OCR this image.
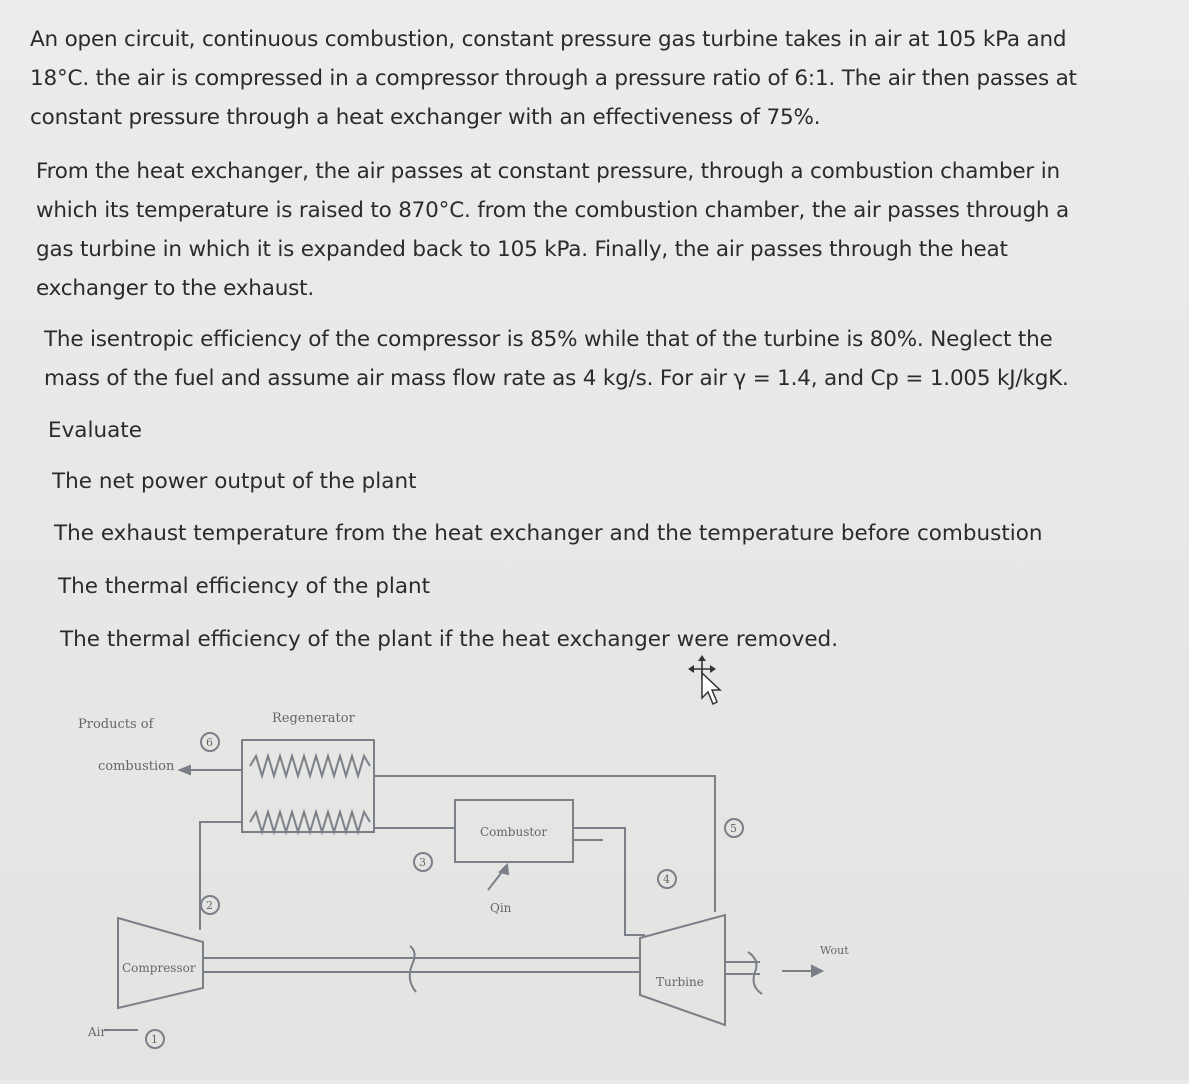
An open circuit, continuous combustion, constant pressure gas turbine takes in air at 105 kPa and
18°C. the air is compressed in a compressor through a pressure ratio of 6:1. The air then passes at
constant pressure through a heat exchanger with an effectiveness of 75%.
From the heat exchanger, the air passes at constant pressure, through a combustion chamber in
which its temperature is raised to 870°C. from the combustion chamber, the air passes through a
gas turbine in which it is expanded back to 105 kPa. Finally, the air passes through the heat
exchanger to the exhaust.
The isentropic efficiency of the compressor is 85% while that of the turbine is 80%. Neglect the
mass of the fuel and assume air mass flow rate as 4 kg/s. For air γ = 1.4, and Cp = 1.005 kJ/kgK.
Evaluate
The net power output of the plant
The exhaust temperature from the heat exchanger and the temperature before combustion
The thermal efficiency of the plant
The thermal efficiency of the plant if the heat exchanger were removed.
Products of
combustion
Regenerator
Combustor
Qin
Compressor
Turbine
Air
Wout
6
2
3
4
5
1
